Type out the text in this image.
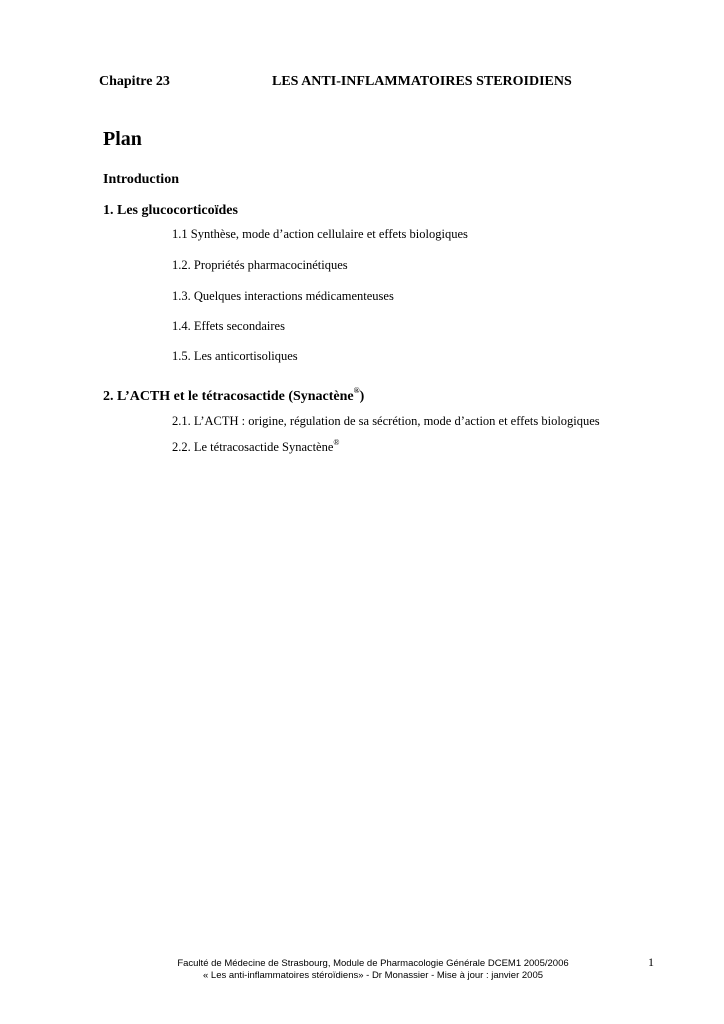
Chapitre 23	LES ANTI-INFLAMMATOIRES STEROIDIENS
Plan
Introduction
1. Les glucocorticoïdes
1.1 Synthèse, mode d’action cellulaire et effets biologiques
1.2. Propriétés pharmacocinétiques
1.3. Quelques interactions médicamenteuses
1.4. Effets secondaires
1.5. Les anticortisoliques
2. L’ACTH et le tétracosactide (Synactène®)
2.1. L’ACTH : origine, régulation de sa sécrétion, mode d’action et effets biologiques
2.2. Le tétracosactide Synactène®
Faculté de Médecine de Strasbourg, Module de Pharmacologie Générale DCEM1 2005/2006
« Les anti-inflammatoires stéroïdiens» - Dr Monassier - Mise à jour : janvier 2005
1
